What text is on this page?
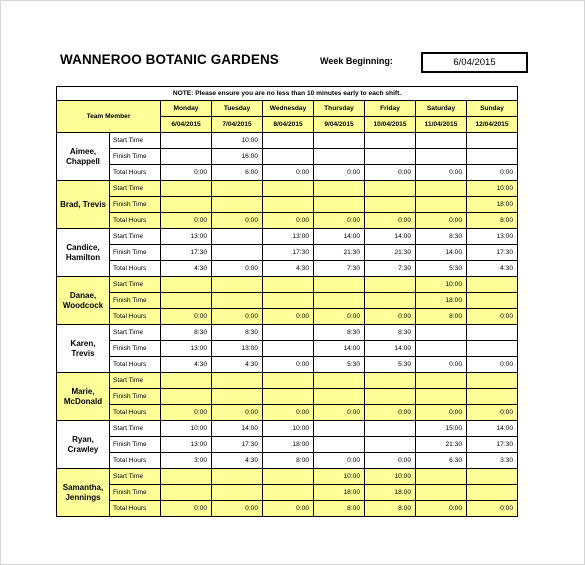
WANNEROO BOTANIC GARDENS	Week Beginning:	6/04/2015
NOTE: Please ensure you are no less than 10 minutes early to each shift.								
Team Member		Monday	Tuesday	Wednesday	Thursday	Friday	Saturday	Sunday
		6/04/2015	7/04/2015	8/04/2015	9/04/2015	10/04/2015	11/04/2015	12/04/2015
Aimee, Chappell	Start Time		10:00					
	Finish Time		16:00					
	Total Hours	0:00	6:00	0:00	0:00	0:00	0:00	0:00
Brad, Trevis	Start Time							10:00
	Finish Time							18:00
	Total Hours	0:00	0:00	0:00	0:00	0:00	0:00	8:00
Candice, Hamilton	Start Time	13:00		13:00	14:00	14:00	8:30	13:00
	Finish Time	17:30		17:30	21:30	21:30	14:00	17:30
	Total Hours	4:30	0:00	4:30	7:30	7:30	5:30	4:30
Danae, Woodcock	Start Time						10:00	
	Finish Time						18:00	
	Total Hours	0:00	0:00	0:00	0:00	0:00	8:00	0:00
Karen, Trevis	Start Time	8:30	8:30		8:30	8:30		
	Finish Time	13:00	13:00		14:00	14:00		
	Total Hours	4:30	4:30	0:00	5:30	5:30	0:00	0:00
Marie, McDonald	Start Time							
	Finish Time							
	Total Hours	0:00	0:00	0:00	0:00	0:00	0:00	0:00
Ryan, Crawley	Start Time	10:00	14:00	10:00			15:00	14:00
	Finish Time	13:00	17:30	18:00			21:30	17:30
	Total Hours	3:00	4:30	8:00	0:00	0:00	6:30	3:30
Samantha, Jennings	Start Time				10:00	10:00		
	Finish Time				18:00	18:00		
	Total Hours	0:00	0:00	0:00	8:00	8:00	0:00	0:00
